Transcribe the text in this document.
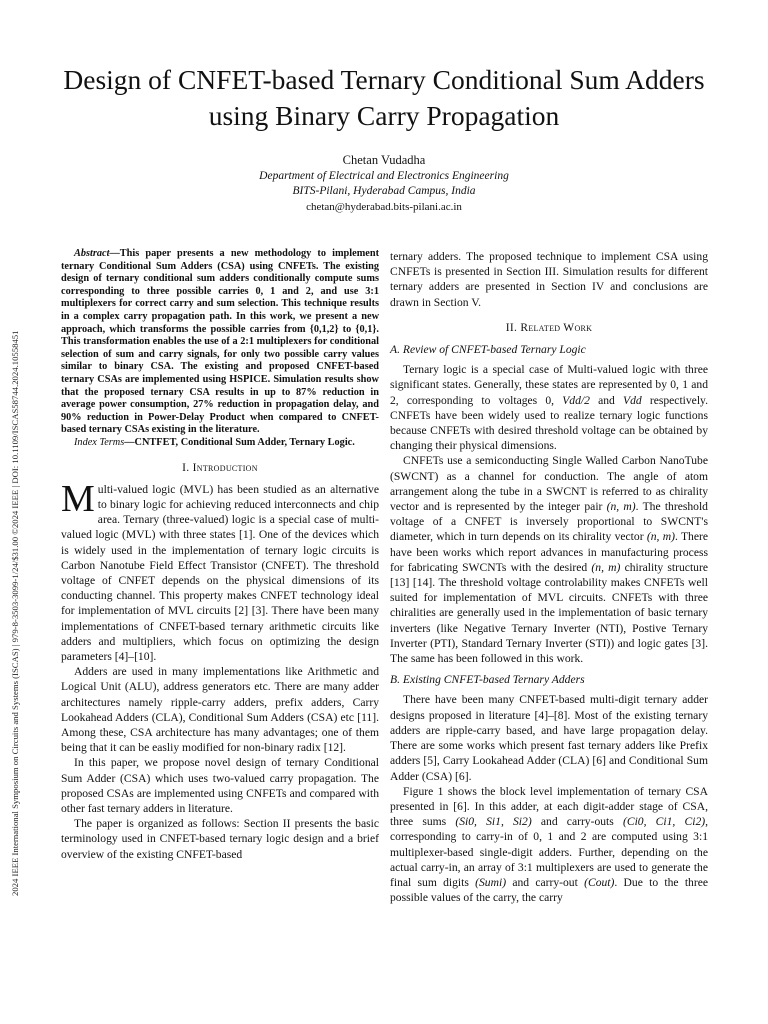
2024 IEEE International Symposium on Circuits and Systems (ISCAS) | 979-8-3503-3099-1/24/$31.00 ©2024 IEEE | DOI: 10.1109/ISCAS58744.2024.10558451
Design of CNFET-based Ternary Conditional Sum Adders using Binary Carry Propagation
Chetan Vudadha
Department of Electrical and Electronics Engineering
BITS-Pilani, Hyderabad Campus, India
chetan@hyderabad.bits-pilani.ac.in

Abstract—This paper presents a new methodology to implement ternary Conditional Sum Adders (CSA) using CNFETs. The existing design of ternary conditional sum adders conditionally compute sums corresponding to three possible carries 0, 1 and 2, and use 3:1 multiplexers for correct carry and sum selection. This technique results in a complex carry propagation path. In this work, we present a new approach, which transforms the possible carries from {0,1,2} to {0,1}. This transformation enables the use of a 2:1 multiplexers for conditional selection of sum and carry signals, for only two possible carry values similar to binary CSA. The existing and proposed CNFET-based ternary CSAs are implemented using HSPICE. Simulation results show that the proposed ternary CSA results in up to 87% reduction in average power consumption, 27% reduction in propagation delay, and 90% reduction in Power-Delay Product when compared to CNFET-based ternary CSAs existing in the literature.

Index Terms—CNTFET, Conditional Sum Adder, Ternary Logic.

I. Introduction

Multi-valued logic (MVL) has been studied as an alternative to binary logic for achieving reduced interconnects and chip area. Ternary (three-valued) logic is a special case of multi-valued logic (MVL) with three states [1]. One of the devices which is widely used in the implementation of ternary logic circuits is Carbon Nanotube Field Effect Transistor (CNFET). The threshold voltage of CNFET depends on the physical dimensions of its conducting channel. This property makes CNFET technology ideal for implementation of MVL circuits [2] [3]. There have been many implementations of CNFET-based ternary arithmetic circuits like adders and multipliers, which focus on optimizing the design parameters [4]–[10].

Adders are used in many implementations like Arithmetic and Logical Unit (ALU), address generators etc. There are many adder architectures namely ripple-carry adders, prefix adders, Carry Lookahead Adders (CLA), Conditional Sum Adders (CSA) etc [11]. Among these, CSA architecture has many advantages; one of them being that it can be easliy modified for non-binary radix [12].

In this paper, we propose novel design of ternary Conditional Sum Adder (CSA) which uses two-valued carry propagation. The proposed CSAs are implemented using CNFETs and compared with other fast ternary adders in literature.

The paper is organized as follows: Section II presents the basic terminology used in CNFET-based ternary logic design and a brief overview of the existing CNFET-based

ternary adders. The proposed technique to implement CSA using CNFETs is presented in Section III. Simulation results for different ternary adders are presented in Section IV and conclusions are drawn in Section V.

II. Related Work
A. Review of CNFET-based Ternary Logic

Ternary logic is a special case of Multi-valued logic with three significant states. Generally, these states are represented by 0, 1 and 2, corresponding to voltages 0, Vdd/2 and Vdd respectively. CNFETs have been widely used to realize ternary logic functions because CNFETs with desired threshold voltage can be obtained by changing their physical dimensions.

CNFETs use a semiconducting Single Walled Carbon NanoTube (SWCNT) as a channel for conduction. The angle of atom arrangement along the tube in a SWCNT is referred to as chirality vector and is represented by the integer pair (n, m). The threshold voltage of a CNFET is inversely proportional to SWCNT's diameter, which in turn depends on its chirality vector (n, m). There have been works which report advances in manufacturing process for fabricating SWCNTs with the desired (n, m) chirality structure [13] [14]. The threshold voltage controlability makes CNFETs well suited for implementation of MVL circuits. CNFETs with three chiralities are generally used in the implementation of basic ternary inverters (like Negative Ternary Inverter (NTI), Postive Ternary Inverter (PTI), Standard Ternary Inverter (STI)) and logic gates [3]. The same has been followed in this work.

B. Existing CNFET-based Ternary Adders

There have been many CNFET-based multi-digit ternary adder designs proposed in literature [4]–[8]. Most of the existing ternary adders are ripple-carry based, and have large propagation delay. There are some works which present fast ternary adders like Prefix adders [5], Carry Lookahead Adder (CLA) [6] and Conditional Sum Adder (CSA) [6].

Figure 1 shows the block level implementation of ternary CSA presented in [6]. In this adder, at each digit-adder stage of CSA, three sums (Si0, Si1, Si2) and carry-outs (Ci0, Ci1, Ci2), corresponding to carry-in of 0, 1 and 2 are computed using 3:1 multiplexer-based single-digit adders. Further, depending on the actual carry-in, an array of 3:1 multiplexers are used to generate the final sum digits (Sumi) and carry-out (Cout). Due to the three possible values of the carry, the carry
